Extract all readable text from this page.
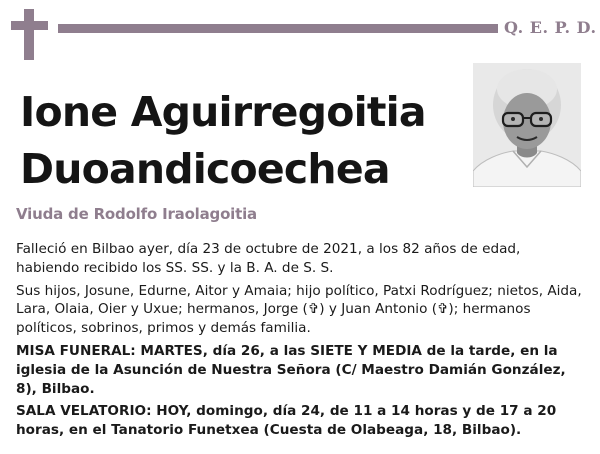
Q. E. P. D.
Ione Aguirregoitia
Duoandicoechea
Viuda de Rodolfo Iraolagoitia

Falleció en Bilbao ayer, día 23 de octubre de 2021, a los 82 años de edad, habiendo recibido los SS. SS. y la B. A. de S. S.

Sus hijos, Josune, Edurne, Aitor y Amaia; hijo político, Patxi Rodríguez; nietos, Aida, Lara, Olaia, Oier y Uxue; hermanos, Jorge (✞) y Juan Antonio (✞); hermanos políticos, sobrinos, primos y demás familia.

MISA FUNERAL: MARTES, día 26, a las SIETE Y MEDIA de la tarde, en la iglesia de la Asunción de Nuestra Señora (C/ Maestro Damián González, 8), Bilbao.

SALA VELATORIO: HOY, domingo, día 24, de 11 a 14 horas y de 17 a 20 horas, en el Tanatorio Funetxea (Cuesta de Olabeaga, 18, Bilbao).
